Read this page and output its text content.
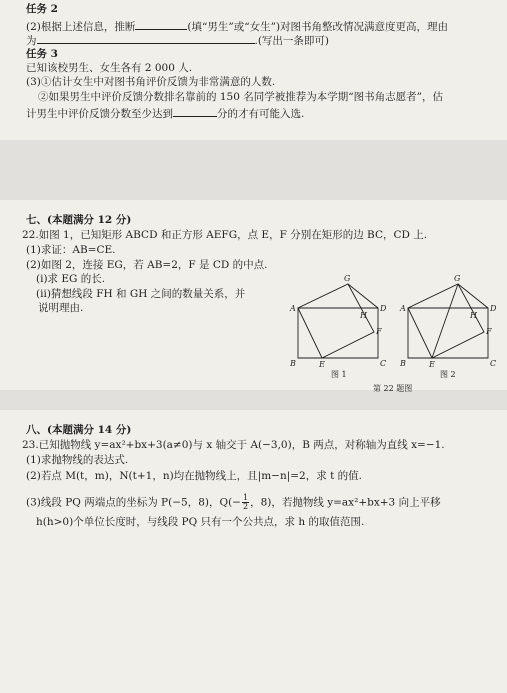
任务 2
(2)根据上述信息，推断	(填“男生”或“女生”)对图书角整改情况满意度更高，理由
为	.(写出一条即可)
任务 3
已知该校男生、女生各有 2 000 人.
(3)①估计女生中对图书角评价反馈为非常满意的人数.
②如果男生中评价反馈分数排名靠前的 150 名同学被推荐为本学期“图书角志愿者”，估
计男生中评价反馈分数至少达到	分的才有可能入选.
七、(本题满分 12 分)
22.如图 1，已知矩形 ABCD 和正方形 AEFG，点 E，F 分别在矩形的边 BC，CD 上.
(1)求证：AB=CE.
(2)如图 2，连接 EG，若 AB=2，F 是 CD 的中点.
(ⅰ)求 EG 的长.
(ⅱ)猜想线段 FH 和 GH 之间的数量关系，并
说明理由.	A
B	C
D
E
F
G
H
A
B	C
D
E
F
G
H
图 1	图 2
第 22 题图
八、(本题满分 14 分)
23.已知抛物线 y=ax²+bx+3(a≠0)与 x 轴交于 A(−3,0)，B 两点，对称轴为直线 x=−1.
(1)求抛物线的表达式.
(2)若点 M(t，m)，N(t+1，n)均在抛物线上，且|m−n|=2，求 t 的值.
(3)线段 PQ 两端点的坐标为 P(−5，8)，$Q(- \frac{1}{2}$ ，8)，若抛物线 y=ax²+bx+3 向上平移
h(h>0)个单位长度时，与线段 PQ 只有一个公共点，求 h 的取值范围.
